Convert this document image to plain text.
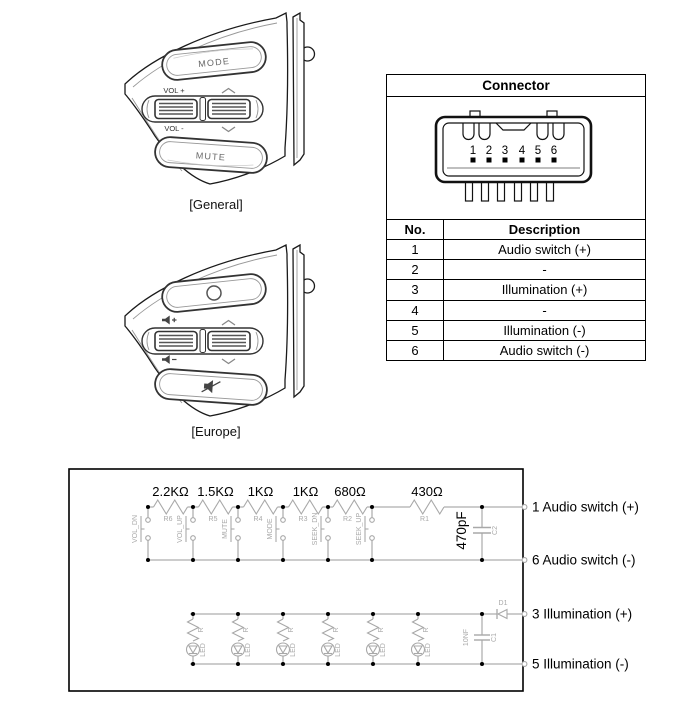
MODE
VOL +
VOL -
MUTE
[General]
[Europe]
Connector
1 2 3 4 5 6
No.	Description
1	Audio switch (+)
2	-
3	Illumination (+)
4	-
5	Illumination (-)
6	Audio switch (-)
2.2KΩ
R6
1.5KΩ
R5
1KΩ
R4
1KΩ
R3
680Ω
R2
430Ω
R1
VOL_DN	VOL_UP	MUTE	MODE	SEEK_DN	SEEK_UP	470pF	C2
R
LED
R
LED
R
LED
R
LED
R
LED
R
LED
10NF	C1
D1
1 Audio switch (+)
6 Audio switch (-)
3 Illumination (+)
5 Illumination (-)
